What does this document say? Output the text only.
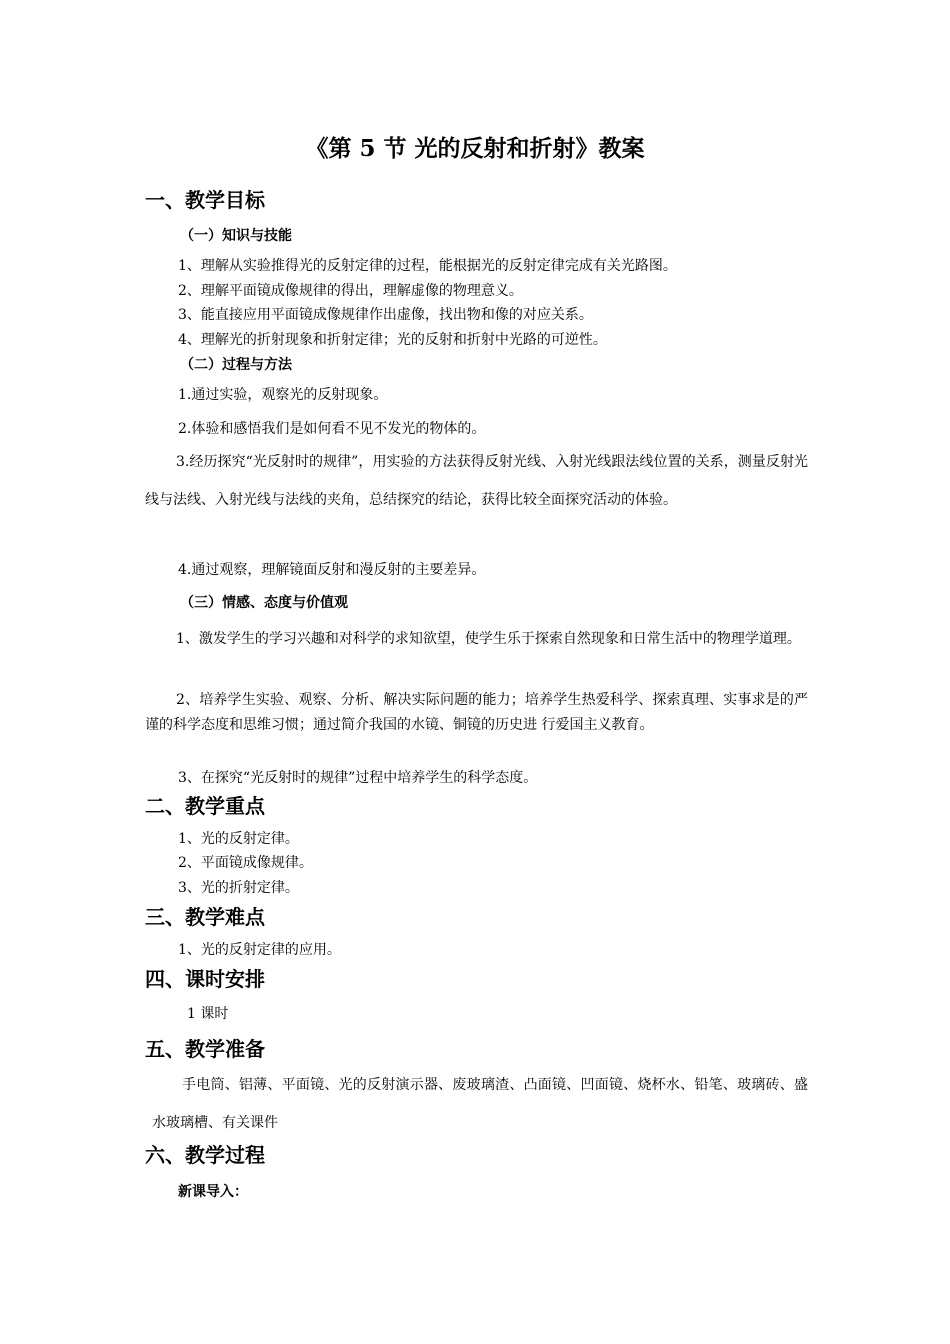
《第 5 节 光的反射和折射》教案
一、教学目标
（一）知识与技能
1、理解从实验推得光的反射定律的过程，能根据光的反射定律完成有关光路图。
2、理解平面镜成像规律的得出，理解虚像的物理意义。
3、能直接应用平面镜成像规律作出虚像，找出物和像的对应关系。
4、理解光的折射现象和折射定律；光的反射和折射中光路的可逆性。
（二）过程与方法
1.通过实验，观察光的反射现象。
2.体验和感悟我们是如何看不见不发光的物体的。
3.经历探究“光反射时的规律”，用实验的方法获得反射光线、入射光线跟法线位置的关系，测量反射光线与法线、入射光线与法线的夹角，总结探究的结论，获得比较全面探究活动的体验。
4.通过观察，理解镜面反射和漫反射的主要差异。
（三）情感、态度与价值观
1、激发学生的学习兴趣和对科学的求知欲望，使学生乐于探索自然现象和日常生活中的物理学道理。
2、培养学生实验、观察、分析、解决实际问题的能力；培养学生热爱科学、探索真理、实事求是的严谨的科学态度和思维习惯；通过简介我国的水镜、铜镜的历史进 行爱国主义教育。
3、在探究“光反射时的规律”过程中培养学生的科学态度。
二、教学重点
1、光的反射定律。
2、平面镜成像规律。
3、光的折射定律。
三、教学难点
1、光的反射定律的应用。
四、课时安排
1 课时
五、教学准备
手电筒、铝薄、平面镜、光的反射演示器、废玻璃渣、凸面镜、凹面镜、烧杯水、铅笔、玻璃砖、盛水玻璃槽、有关课件
六、教学过程
新课导入：
